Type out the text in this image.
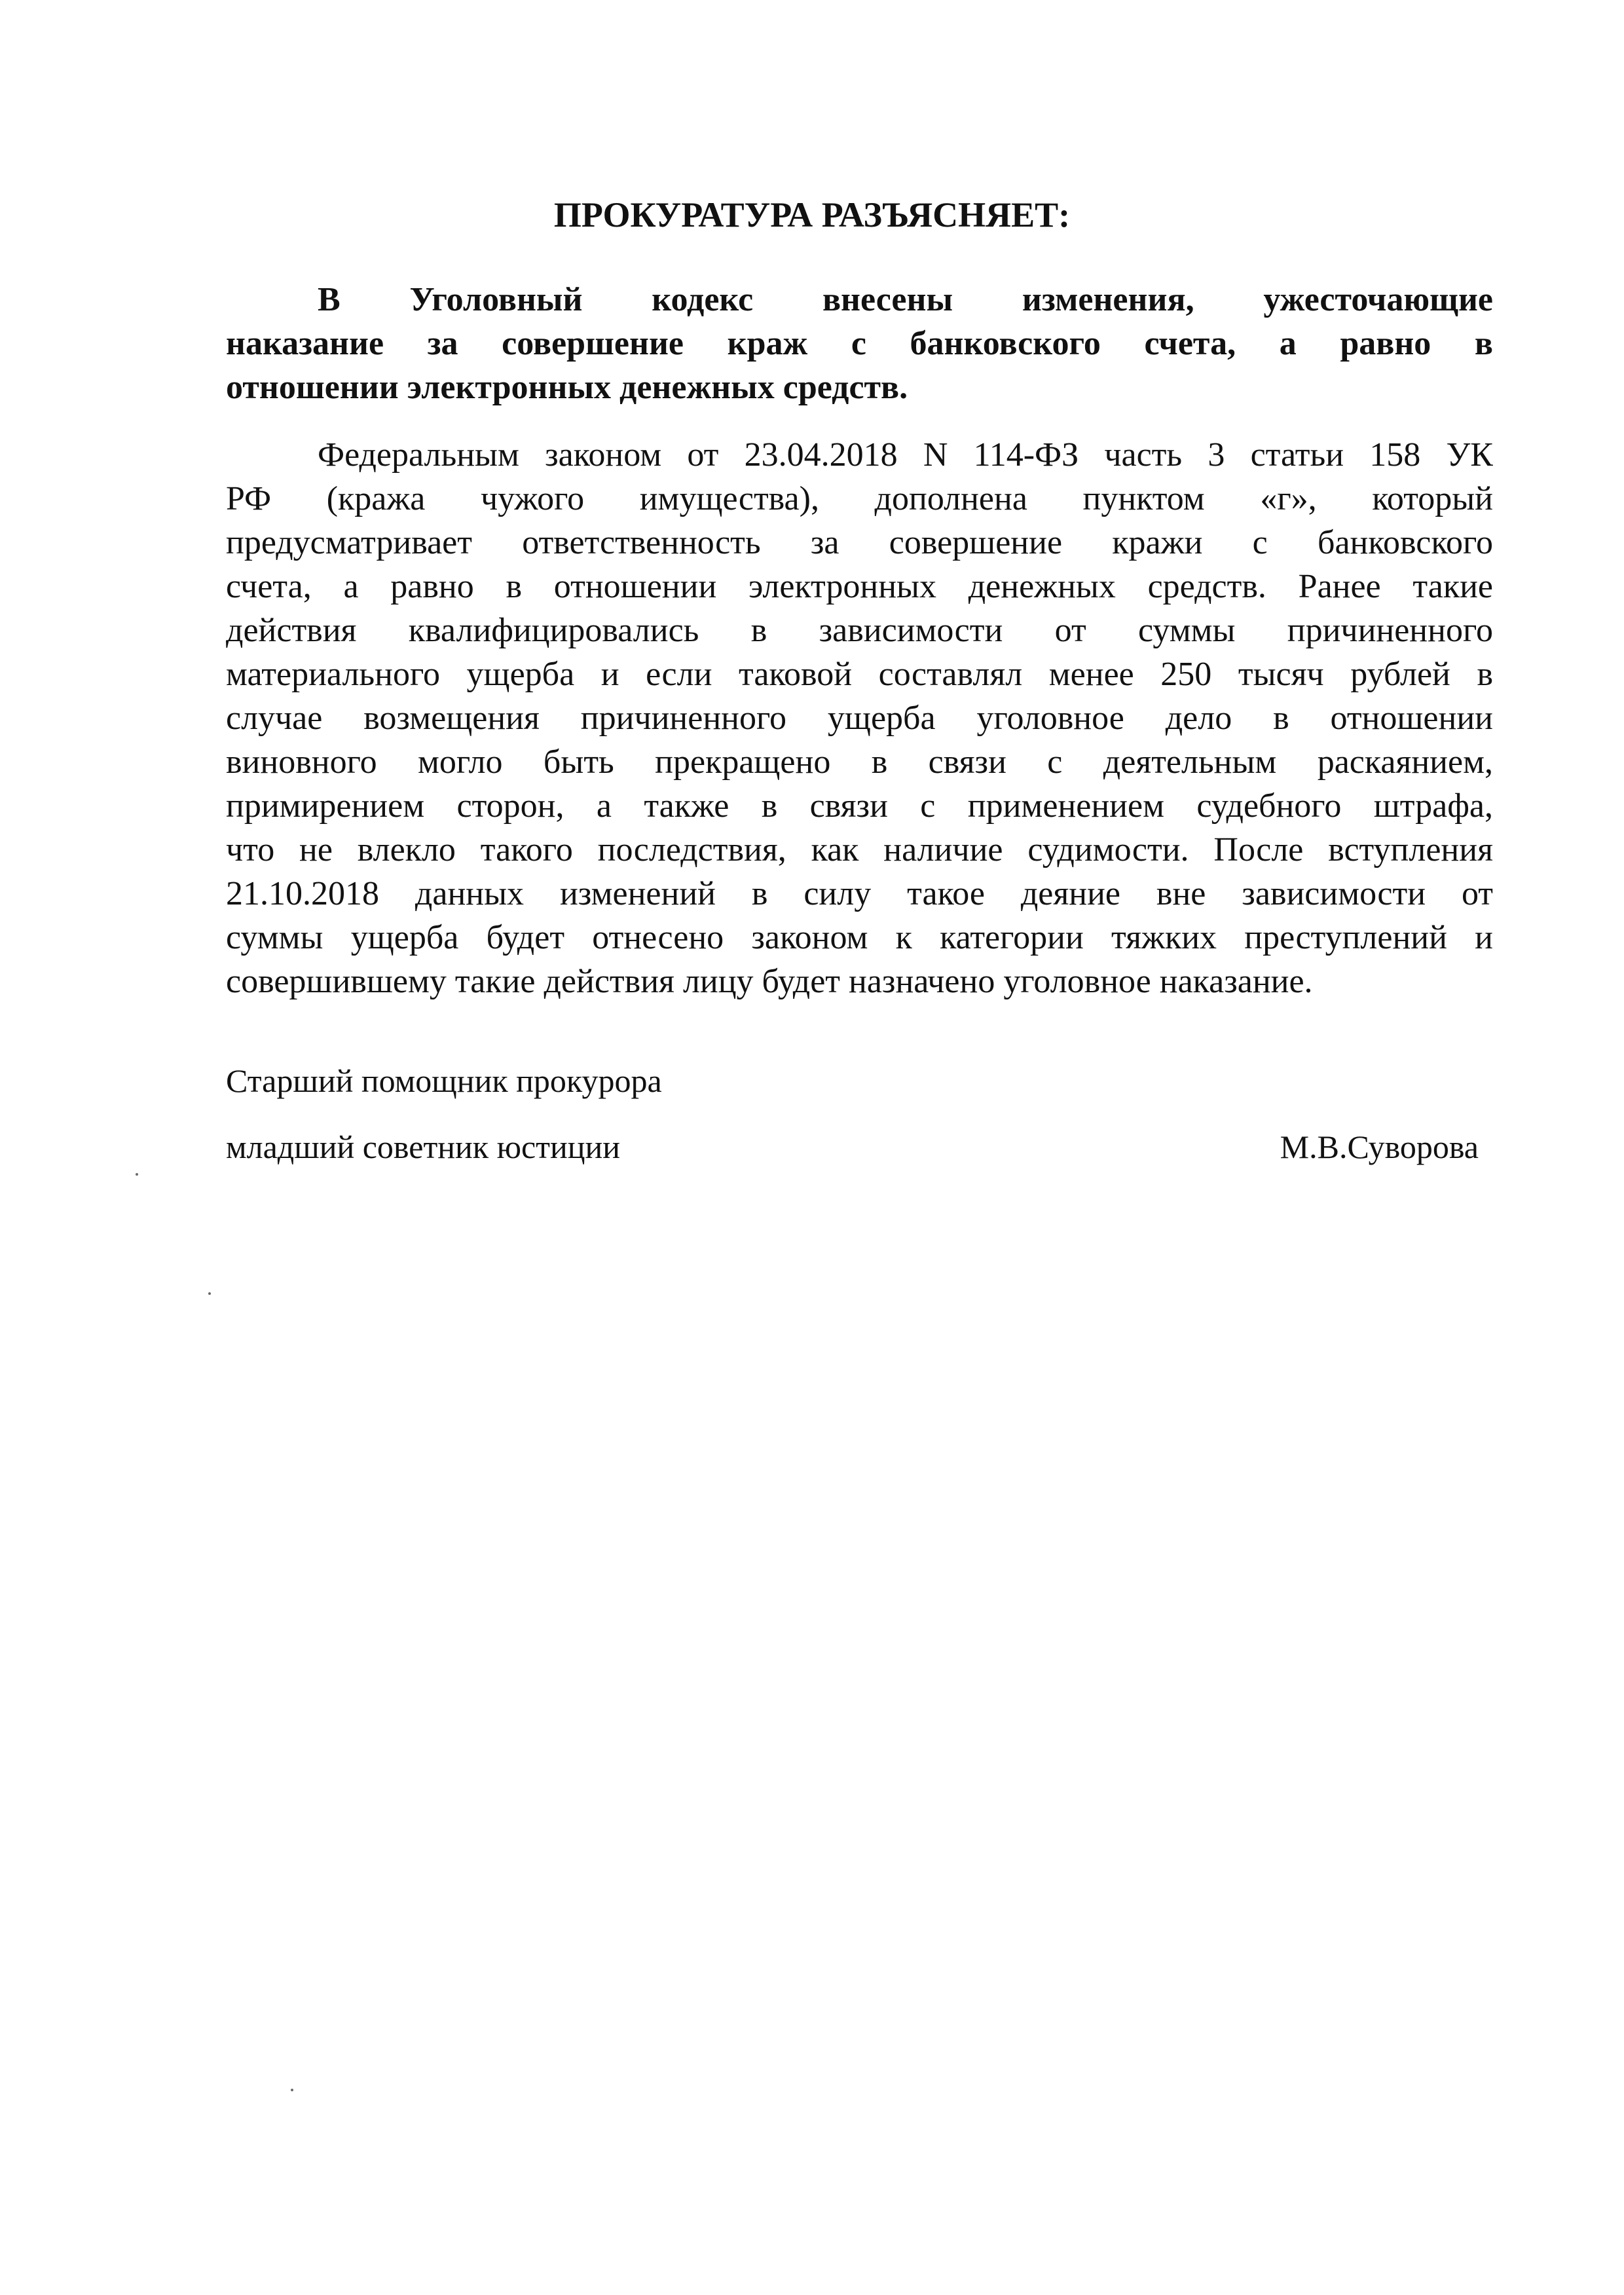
ПРОКУРАТУРА РАЗЪЯСНЯЕТ:
В Уголовный кодекс внесены изменения, ужесточающие
наказание за совершение краж с банковского счета, а равно в
отношении электронных денежных средств.
Федеральным законом от 23.04.2018 N 114-ФЗ часть 3 статьи 158 УК
РФ (кража чужого имущества), дополнена пунктом «г», который
предусматривает ответственность за совершение кражи с банковского
счета, а равно в отношении электронных денежных средств. Ранее такие
действия квалифицировались в зависимости от суммы причиненного
материального ущерба и если таковой составлял менее 250 тысяч рублей в
случае возмещения причиненного ущерба уголовное дело в отношении
виновного могло быть прекращено в связи с деятельным раскаянием,
примирением сторон, а также в связи с применением судебного штрафа,
что не влекло такого последствия, как наличие судимости. После вступления
21.10.2018 данных изменений в силу такое деяние вне зависимости от
суммы ущерба будет отнесено законом к категории тяжких преступлений и
совершившему такие действия лицу будет назначено уголовное наказание.

Старший помощник прокурора

младший советник юстиции	М.В.Суворова
